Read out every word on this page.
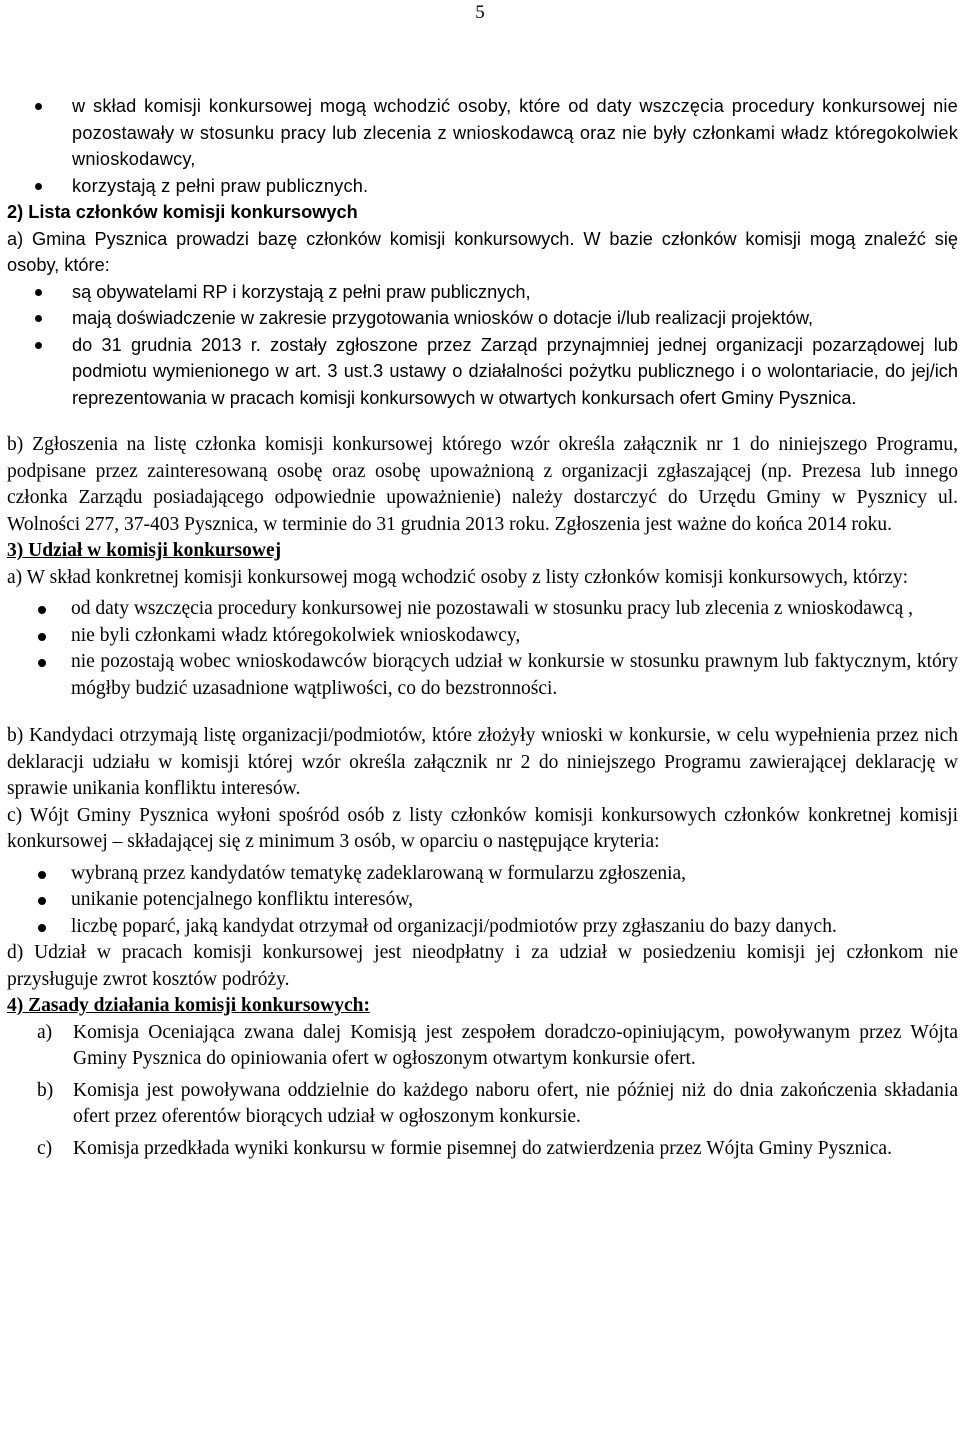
5
w skład komisji konkursowej mogą wchodzić osoby, które od daty wszczęcia procedury konkursowej nie pozostawały w stosunku pracy lub zlecenia z wnioskodawcą oraz nie były członkami władz któregokolwiek wnioskodawcy,
korzystają z pełni praw publicznych.

2) Lista członków komisji konkursowych

a) Gmina Pysznica prowadzi bazę członków komisji konkursowych. W bazie członków komisji mogą znaleźć się osoby, które:

są obywatelami RP i korzystają z pełni praw publicznych,
mają doświadczenie w zakresie przygotowania wniosków o dotacje i/lub realizacji projektów,
do 31 grudnia 2013 r. zostały zgłoszone przez Zarząd przynajmniej jednej organizacji pozarządowej lub podmiotu wymienionego w art. 3 ust.3 ustawy o działalności pożytku publicznego i o wolontariacie, do jej/ich reprezentowania w pracach komisji konkursowych w otwartych konkursach ofert Gminy Pysznica.

b) Zgłoszenia na listę członka komisji konkursowej którego wzór określa załącznik nr 1 do niniejszego Programu, podpisane przez zainteresowaną osobę oraz osobę upoważnioną z organizacji zgłaszającej (np. Prezesa lub innego członka Zarządu posiadającego odpowiednie upoważnienie) należy dostarczyć do Urzędu Gminy w Pysznicy ul. Wolności 277, 37-403 Pysznica, w terminie do 31 grudnia 2013 roku. Zgłoszenia jest ważne do końca 2014 roku.

3) Udział w komisji konkursowej

a) W skład konkretnej komisji konkursowej mogą wchodzić osoby z listy członków komisji konkursowych, którzy:

od daty wszczęcia procedury konkursowej nie pozostawali w stosunku pracy lub zlecenia z wnioskodawcą ,
nie byli członkami władz któregokolwiek wnioskodawcy,
nie pozostają wobec wnioskodawców biorących udział w konkursie w stosunku prawnym lub faktycznym, który mógłby budzić uzasadnione wątpliwości, co do bezstronności.

b) Kandydaci otrzymają listę organizacji/podmiotów, które złożyły wnioski w konkursie, w celu wypełnienia przez nich deklaracji udziału w komisji której wzór określa załącznik nr 2 do niniejszego Programu zawierającej deklarację w sprawie unikania konfliktu interesów.

c) Wójt Gminy Pysznica wyłoni spośród osób z listy członków komisji konkursowych członków konkretnej komisji konkursowej – składającej się z minimum 3 osób, w oparciu o następujące kryteria:

wybraną przez kandydatów tematykę zadeklarowaną w formularzu zgłoszenia,
unikanie potencjalnego konfliktu interesów,
liczbę poparć, jaką kandydat otrzymał od organizacji/podmiotów przy zgłaszaniu do bazy danych.

d) Udział w pracach komisji konkursowej jest nieodpłatny i za udział w posiedzeniu komisji jej członkom nie przysługuje zwrot kosztów podróży.

4) Zasady działania komisji konkursowych:

a) Komisja Oceniająca zwana dalej Komisją jest zespołem doradczo-opiniującym, powoływanym przez Wójta Gminy Pysznica do opiniowania ofert w ogłoszonym otwartym konkursie ofert.
b) Komisja jest powoływana oddzielnie do każdego naboru ofert, nie później niż do dnia zakończenia składania ofert przez oferentów biorących udział w ogłoszonym konkursie.
c) Komisja przedkłada wyniki konkursu w formie pisemnej do zatwierdzenia przez Wójta Gminy Pysznica.
